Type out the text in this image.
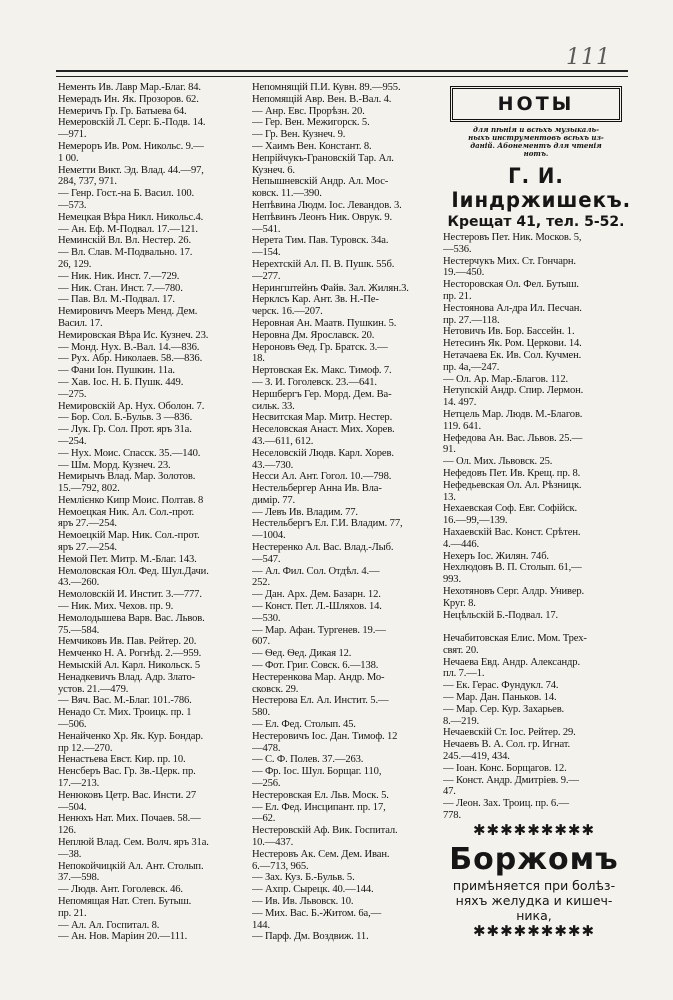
111
Нементь Ив. Лавр Мар.-Благ. 84.
Немерадъ Ин. Як. Прозоров. 62.
Немеричъ Гр. Гр. Батыева 64.
Немеровскій Л. Серг. Б.-Подв. 14.
—971.
Немероръ Ив. Ром. Никольс. 9.—
1 00.
Неметти Викт. Эд. Влад. 44.—97,
284, 737, 971.
— Генр. Гост.-на Б. Васил. 100.
—573.
Немецкая Вѣра Никл. Никольс.4.
— Ан. Еф. М-Подвал. 17.—121.
Неминскій Вл. Вл. Нестер. 26.
— Вл. Слав. М-Подвально. 17.
26, 129.
— Ник. Ник. Инст. 7.—729.
— Ник. Стан. Инст. 7.—780.
— Пав. Вл. М.-Подвал. 17.
Немировичъ Мееръ Менд. Дем.
Васил. 17.
Немировская Вѣра Ис. Кузнеч. 23.
— Монд. Нух. В.-Вал. 14.—836.
— Рух. Абр. Николаев. 58.—836.
— Фани Іон. Пушкин. 11а.
— Хав. Іос. Н. Б. Пушк. 449.
—275.
Немировскій Ар. Нух. Оболон. 7.
— Бор. Сол. Б.-Бульв. 3 —836.
— Лук. Гр. Сол. Прот. яръ 31а.
—254.
— Нух. Моис. Спасск. 35.—140.
— Шм. Морд. Кузнеч. 23.
Немирычъ Влад. Мар. Золотов.
15.—792, 802.
Немлієнко Кипр Моис. Полтав. 8
Немоецкая Ник. Ал. Сол.-прот.
яръ 27.—254.
Немоецкій Мар. Ник. Сол.-прот.
яръ 27.—254.
Немой Пет. Митр. М.-Благ. 143.
Немоловская Юл. Фед. Шул.Дачи.
43.—260.
Немоловскій И. Инстит. 3.—777.
— Ник. Мих. Чехов. пр. 9.
Немолодышева Варв. Вас. Львов.
75.—584.
Немчиковъ Ив. Пав. Рейтер. 20.
Немченко Н. А. Рогнѣд. 2.—959.
Немыскій Ал. Карл. Никольск. 5
Ненадкевичъ Влад. Адр. Злато-
устов. 21.—479.
— Вяч. Вас. М.-Благ. 101.-786.
Ненадо Ст. Мих. Троицк. пр. 1
—506.
Ненайченко Хр. Як. Кур. Бондар.
пр 12.—270.
Ненастьева Евст. Кир. пр. 10.
Ненсберъ Вас. Гр. Зв.-Церк. пр.
17.—213.
Ненюковъ Цетр. Вас. Инсти. 27
—504.
Ненюхъ Нат. Мих. Почаев. 58.—
126.
Неплюй Влад. Сем. Волч. яръ 31а.
—38.
Непокойчицкій Ал. Ант. Столып.
37.—598.
— Людв. Ант. Гоголевск. 46.
Непомящая Нат. Степ. Бутыш.
пр. 21.
— Ал. Ал. Госпитал. 8.
— Ан. Нов. Марiин 20.—111.
Непомнящій П.И. Кувн. 89.—955.
Непомящій Авр. Вен. В.-Вал. 4.
— Анр. Евс. Прорѣзн. 20.
— Гер. Вен. Межигорск. 5.
— Гр. Вен. Кузнеч. 9.
— Хаимъ Вен. Констант. 8.
Непрійчукъ-Грановскій Тар. Ал.
Кузнеч. 6.
Непышневскій Андр. Ал. Мос-
ковск. 11.—390.
Непѣвина Людм. Іос. Левандов. 3.
Непѣвинъ Леонъ Ник. Оврук. 9.
—541.
Нерета Тим. Пав. Туровск. 34а.
—154.
Нерехтскій Ал. П. В. Пушк. 55б.
—277.
Нерингштейнъ Файв. Зал. Жилян.3.
Нерклсъ Кар. Ант. Зв. Н.-Пе-
черск. 16.—207.
Неровная Ан. Маатв. Пушкин. 5.
Неровна Дм. Ярославск. 20.
Нероновъ Ѳед. Гр. Братск. 3.—
18.
Нертовская Ек. Макс. Тимоф. 7.
— З. И. Гоголевск. 23.—641.
Нершбергъ Гер. Морд. Дем. Ва-
сильк. 33.
Несвитская Мар. Митр. Нестер.
Неселовская Анаст. Мих. Хорев.
43.—611, 612.
Неселовскій Людв. Карл. Хорев.
43.—730.
Несси Ал. Ант. Гогол. 10.—798.
Нестельбергер Анна Ив. Вла-
димір. 77.
— Левъ Ив. Владим. 77.
Нестельбергъ Ел. Г.И. Владим. 77,
—1004.
Нестеренко Ал. Вас. Влад.-Лыб.
—547.
— Ал. Фил. Сол. Отдѣл. 4.—
252.
— Дан. Арх. Дем. Базарн. 12.
— Конст. Пет. Л.-Шляхов. 14.
—530.
— Мар. Афан. Тургенев. 19.—
607.
— Ѳед. Ѳед. Дикая 12.
— Фот. Григ. Совск. 6.—138.
Нестеренкова Мар. Андр. Мо-
сковск. 29.
Нестерова Ел. Ал. Инстит. 5.—
580.
— Ел. Фед. Столып. 45.
Нестеровичъ Іос. Дан. Тимоф. 12
—478.
— С. Ф. Полев. 37.—263.
— Фр. Іос. Шул. Борщаг. 110,
—256.
Нестеровская Ел. Льв. Моск. 5.
— Ел. Фед. Инсципант. пр. 17,
—62.
Нестеровскій Аф. Вик. Госпитал.
10.—437.
Нестеровъ Ак. Сем. Дем. Иван.
6.—713, 965.
— Зах. Куз. Б.-Бульв. 5.
— Ахпр. Сырецк. 40.—144.
— Ив. Ив. Львовск. 10.
— Мих. Вас. Б.-Житом. 6а,—
144.
— Парф. Дм. Воздвиж. 11.
НОТЫ
для пѣнія и всѣхъ музыкаль-
ныхъ инструментовъ всѣхъ из-
даній. Абонементъ для чтенія
нотъ.
Г. И. Іиндржишекъ.
Крещат 41, тел. 5-52.
Нестеровъ Пет. Ник. Москов. 5,
—536.
Нестерчукъ Мих. Ст. Гончарн.
19.—450.
Несторовская Ол. Фел. Бутыш.
пр. 21.
Нестоянова Ал-дра Ил. Песчан.
пр. 27.—118.
Нетовичъ Ив. Бор. Бассейн. 1.
Нетесинъ Як. Ром. Церкови. 14.
Нетачаева Ек. Ив. Сол. Кучмен.
пр. 4а,—247.
— Ол. Ар. Мар.-Благов. 112.
Нетупскій Андр. Спир. Лермон.
14. 497.
Нетцель Мар. Людв. М.-Благов.
119. 641.
Нефедова Ан. Вас. Львов. 25.—
91.
— Ол. Мих. Львовск. 25.
Нефедовъ Пет. Ив. Крещ. пр. 8.
Нефедьевская Ол. Ал. Рѣзницк.
13.
Нехаевская Соф. Евг. Софійск.
16.—99,—139.
Нахаевскій Вас. Конст. Срѣтен.
4.—446.
Нехеръ Іос. Жилян. 74б.
Нехлюдовъ В. П. Столып. 61,—
993.
Нехотяновъ Серг. Алдр. Универ.
Круг. 8.
Нецѣльскій Б.-Подвал. 17.

Нечабитовская Елис. Мом. Трех-
свят. 20.
Нечаева Евд. Андр. Александр.
пл. 7.—1.
— Ек. Герас. Фундукл. 74.
— Мар. Дан. Паньков. 14.
— Мар. Сер. Кур. Захарьев.
8.—219.
Нечаевскій Ст. Іос. Рейтер. 29.
Нечаевъ В. А. Сол. гр. Игнат.
245.—419, 434.
— Іоан. Конс. Борщагов. 12.
— Конст. Андр. Дмитріев. 9.—
47.
— Леон. Зах. Троиц. пр. 6.—
778.
✱✱✱✱✱✱✱✱✱
Боржомъ
примѣняется при болѣз-
няхъ желудка и кишеч-
ника,
✱✱✱✱✱✱✱✱✱
